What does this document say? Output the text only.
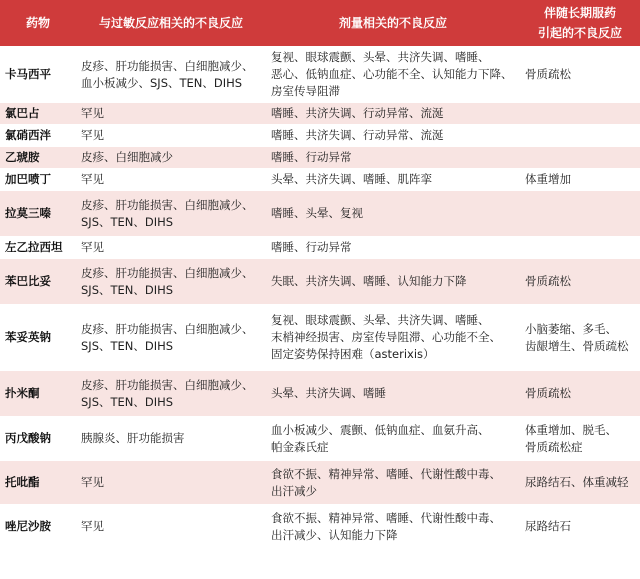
药物	与过敏反应相关的不良反应	剂量相关的不良反应	伴随长期服药
引起的不良反应
卡马西平	皮疹、肝功能损害、白细胞减少、
血小板减少、SJS、TEN、DIHS	复视、眼球震颤、头晕、共济失调、嗜睡、
恶心、低钠血症、心功能不全、认知能力下降、
房室传导阻滞	骨质疏松
氯巴占	罕见	嗜睡、共济失调、行动异常、流涎	
氯硝西泮	罕见	嗜睡、共济失调、行动异常、流涎	
乙琥胺	皮疹、白细胞减少	嗜睡、行动异常	
加巴喷丁	罕见	头晕、共济失调、嗜睡、肌阵挛	体重增加
拉莫三嗪	皮疹、肝功能损害、白细胞减少、
SJS、TEN、DIHS	嗜睡、头晕、复视	
左乙拉西坦	罕见	嗜睡、行动异常	
苯巴比妥	皮疹、肝功能损害、白细胞减少、
SJS、TEN、DIHS	失眠、共济失调、嗜睡、认知能力下降	骨质疏松
苯妥英钠	皮疹、肝功能损害、白细胞减少、
SJS、TEN、DIHS	复视、眼球震颤、头晕、共济失调、嗜睡、
末梢神经损害、房室传导阻滞、心功能不全、
固定姿势保持困难（asterixis）	小脑萎缩、多毛、
齿龈增生、骨质疏松
扑米酮	皮疹、肝功能损害、白细胞减少、
SJS、TEN、DIHS	头晕、共济失调、嗜睡	骨质疏松
丙戊酸钠	胰腺炎、肝功能损害	血小板减少、震颤、低钠血症、血氨升高、
帕金森氏症	体重增加、脱毛、
骨质疏松症
托吡酯	罕见	食欲不振、精神异常、嗜睡、代谢性酸中毒、
出汗减少	尿路结石、体重减轻
唑尼沙胺	罕见	食欲不振、精神异常、嗜睡、代谢性酸中毒、
出汗减少、认知能力下降	尿路结石
